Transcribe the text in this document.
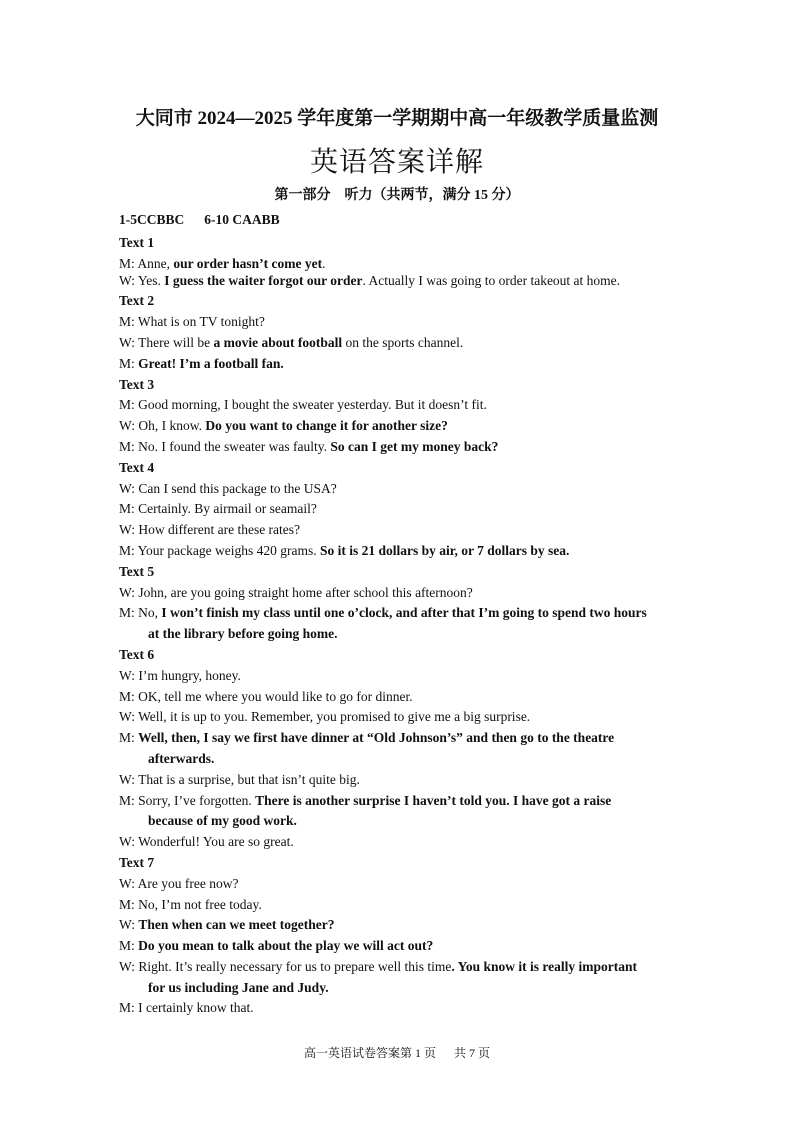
大同市 2024—2025 学年度第一学期期中高一年级教学质量监测
英语答案详解
第一部分　听力（共两节，满分 15 分）
1-5CCBBC 6-10 CAABB
Text 1
M: Anne, our order hasn’t come yet.
W: Yes. I guess the waiter forgot our order. Actually I was going to order takeout at home.
Text 2
M: What is on TV tonight?
W: There will be a movie about football on the sports channel.
M: Great! I’m a football fan.
Text 3
M: Good morning, I bought the sweater yesterday. But it doesn’t fit.
W: Oh, I know. Do you want to change it for another size?
M: No. I found the sweater was faulty. So can I get my money back?
Text 4
W: Can I send this package to the USA?
M: Certainly. By airmail or seamail?
W: How different are these rates?
M: Your package weighs 420 grams. So it is 21 dollars by air, or 7 dollars by sea.
Text 5
W: John, are you going straight home after school this afternoon?
M: No, I won’t finish my class until one o’clock, and after that I’m going to spend two hours
at the library before going home.
Text 6
W: I’m hungry, honey.
M: OK, tell me where you would like to go for dinner.
W: Well, it is up to you. Remember, you promised to give me a big surprise.
M: Well, then, I say we first have dinner at “Old Johnson’s” and then go to the theatre
afterwards.
W: That is a surprise, but that isn’t quite big.
M: Sorry, I’ve forgotten. There is another surprise I haven’t told you. I have got a raise
because of my good work.
W: Wonderful! You are so great.
Text 7
W: Are you free now?
M: No, I’m not free today.
W: Then when can we meet together?
M: Do you mean to talk about the play we will act out?
W: Right. It’s really necessary for us to prepare well this time. You know it is really important
for us including Jane and Judy.
M: I certainly know that.
高一英语试卷答案第 1 页 共 7 页
